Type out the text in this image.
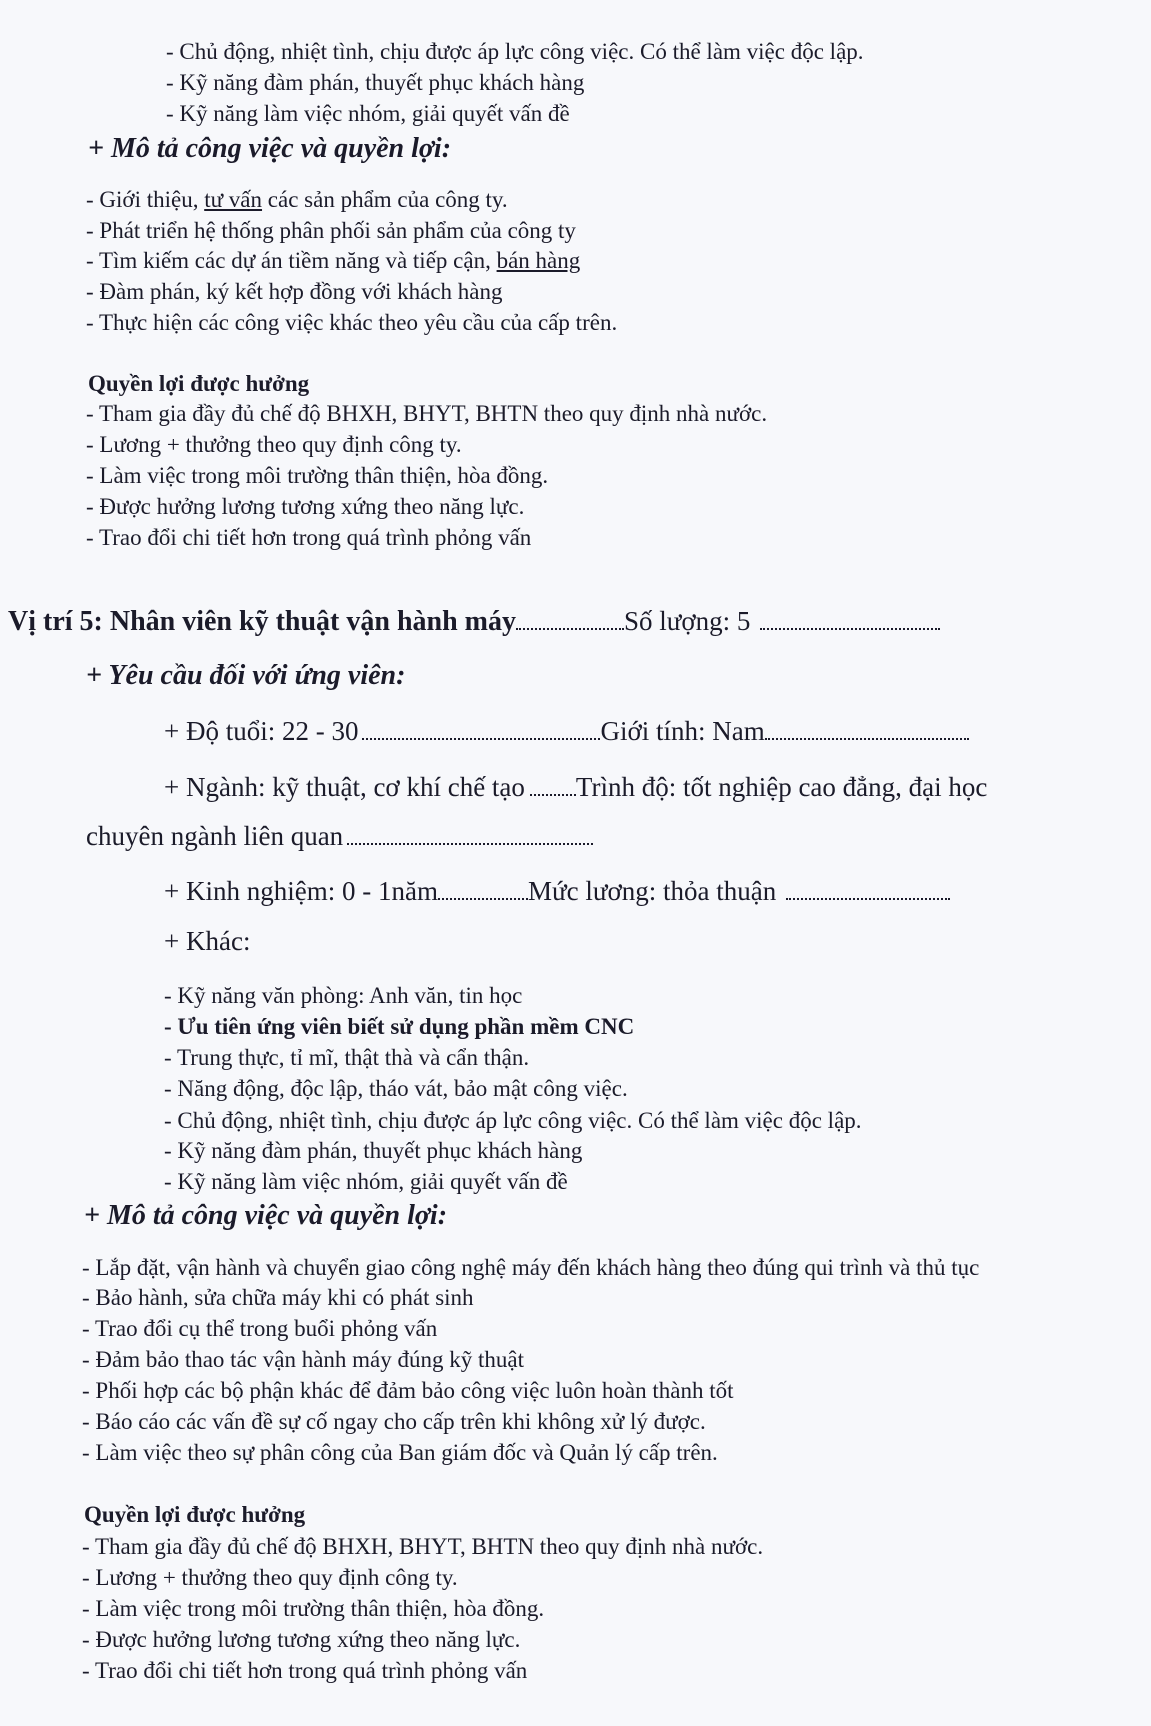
- Chủ động, nhiệt tình, chịu được áp lực công việc. Có thể làm việc độc lập.
- Kỹ năng đàm phán, thuyết phục khách hàng
- Kỹ năng làm việc nhóm, giải quyết vấn đề
+ Mô tả công việc và quyền lợi:
- Giới thiệu, tư vấn các sản phẩm của công ty.
- Phát triển hệ thống phân phối sản phẩm của công ty
- Tìm kiếm các dự án tiềm năng và tiếp cận, bán hàng
- Đàm phán, ký kết hợp đồng với khách hàng
- Thực hiện các công việc khác theo yêu cầu của cấp trên.
Quyền lợi được hưởng
- Tham gia đầy đủ chế độ BHXH, BHYT, BHTN theo quy định nhà nước.
- Lương + thưởng theo quy định công ty.
- Làm việc trong môi trường thân thiện, hòa đồng.
- Được hưởng lương tương xứng theo năng lực.
- Trao đổi chi tiết hơn trong quá trình phỏng vấn
Vị trí 5: Nhân viên kỹ thuật vận hành máy	Số lượng: 5
+ Yêu cầu đối với ứng viên:
+ Độ tuổi: 22 - 30	Giới tính: Nam
+ Ngành: kỹ thuật, cơ khí chế tạo Trình độ: tốt nghiệp cao đẳng, đại học
chuyên ngành liên quan
+ Kinh nghiệm: 0 - 1năm	Mức lương: thỏa thuận
+ Khác:
- Kỹ năng văn phòng: Anh văn, tin học
- Ưu tiên ứng viên biết sử dụng phần mềm CNC
- Trung thực, tỉ mĩ, thật thà và cẩn thận.
- Năng động, độc lập, tháo vát, bảo mật công việc.
- Chủ động, nhiệt tình, chịu được áp lực công việc. Có thể làm việc độc lập.
- Kỹ năng đàm phán, thuyết phục khách hàng
- Kỹ năng làm việc nhóm, giải quyết vấn đề
+ Mô tả công việc và quyền lợi:
- Lắp đặt, vận hành và chuyển giao công nghệ máy đến khách hàng theo đúng qui trình và thủ tục
- Bảo hành, sửa chữa máy khi có phát sinh
- Trao đổi cụ thể trong buổi phỏng vấn
- Đảm bảo thao tác vận hành máy đúng kỹ thuật
- Phối hợp các bộ phận khác để đảm bảo công việc luôn hoàn thành tốt
- Báo cáo các vấn đề sự cố ngay cho cấp trên khi không xử lý được.
- Làm việc theo sự phân công của Ban giám đốc và Quản lý cấp trên.
Quyền lợi được hưởng
- Tham gia đầy đủ chế độ BHXH, BHYT, BHTN theo quy định nhà nước.
- Lương + thưởng theo quy định công ty.
- Làm việc trong môi trường thân thiện, hòa đồng.
- Được hưởng lương tương xứng theo năng lực.
- Trao đổi chi tiết hơn trong quá trình phỏng vấn
